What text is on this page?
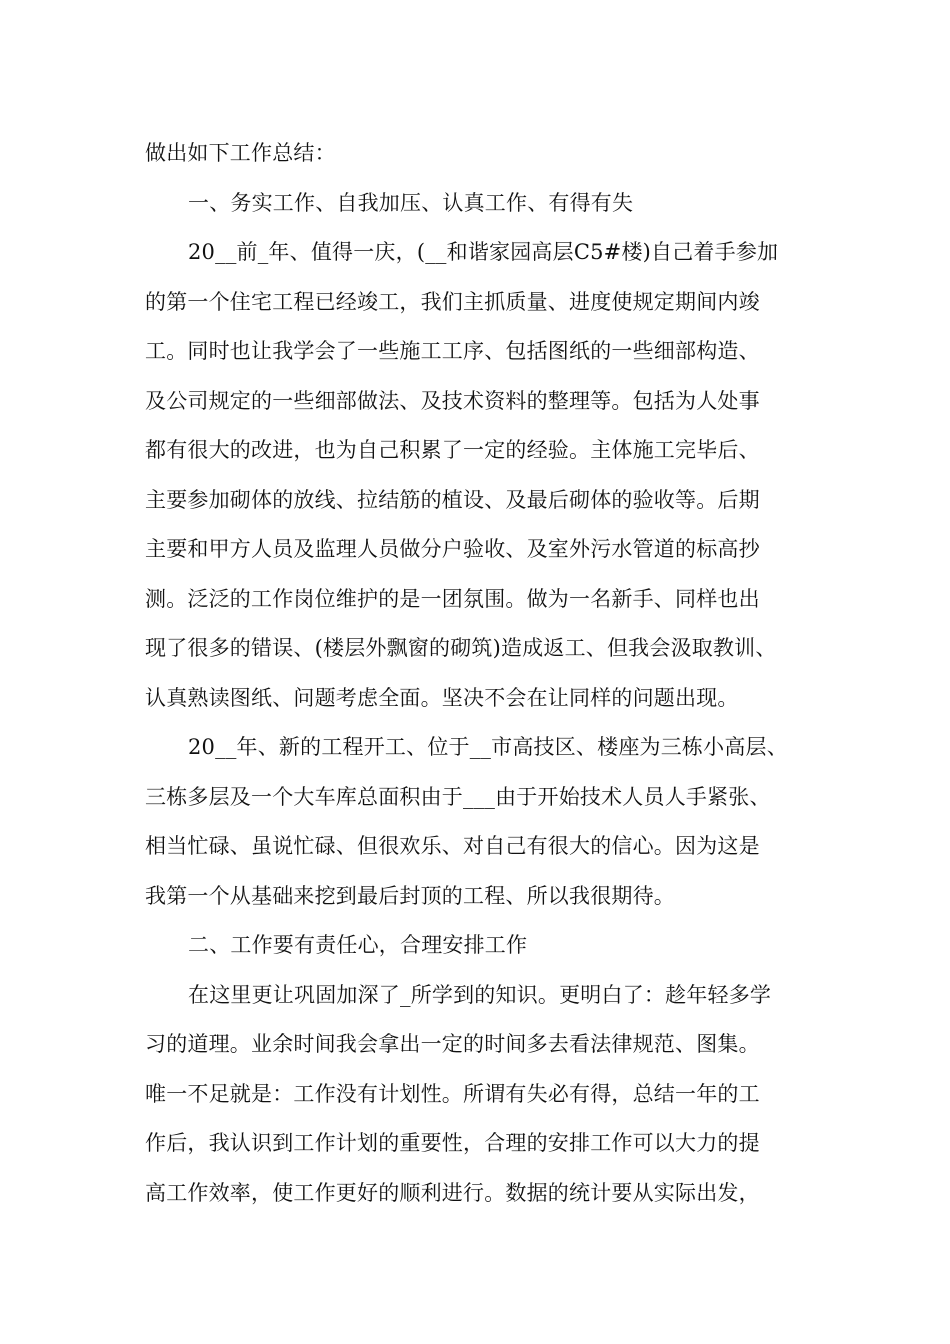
做出如下工作总结：
一、务实工作、自我加压、认真工作、有得有失
20__前_年、值得一庆，(__和谐家园高层C5#楼)自己着手参加
的第一个住宅工程已经竣工，我们主抓质量、进度使规定期间内竣
工。同时也让我学会了一些施工工序、包括图纸的一些细部构造、
及公司规定的一些细部做法、及技术资料的整理等。包括为人处事
都有很大的改进，也为自己积累了一定的经验。主体施工完毕后、
主要参加砌体的放线、拉结筋的植设、及最后砌体的验收等。后期
主要和甲方人员及监理人员做分户验收、及室外污水管道的标高抄
测。泛泛的工作岗位维护的是一团氛围。做为一名新手、同样也出
现了很多的错误、(楼层外飘窗的砌筑)造成返工、但我会汲取教训、
认真熟读图纸、问题考虑全面。坚决不会在让同样的问题出现。
20__年、新的工程开工、位于__市高技区、楼座为三栋小高层、
三栋多层及一个大车库总面积由于___由于开始技术人员人手紧张、
相当忙碌、虽说忙碌、但很欢乐、对自己有很大的信心。因为这是
我第一个从基础来挖到最后封顶的工程、所以我很期待。
二、工作要有责任心，合理安排工作
在这里更让巩固加深了_所学到的知识。更明白了：趁年轻多学
习的道理。业余时间我会拿出一定的时间多去看法律规范、图集。
唯一不足就是：工作没有计划性。所谓有失必有得，总结一年的工
作后，我认识到工作计划的重要性，合理的安排工作可以大力的提
高工作效率，使工作更好的顺利进行。数据的统计要从实际出发，
